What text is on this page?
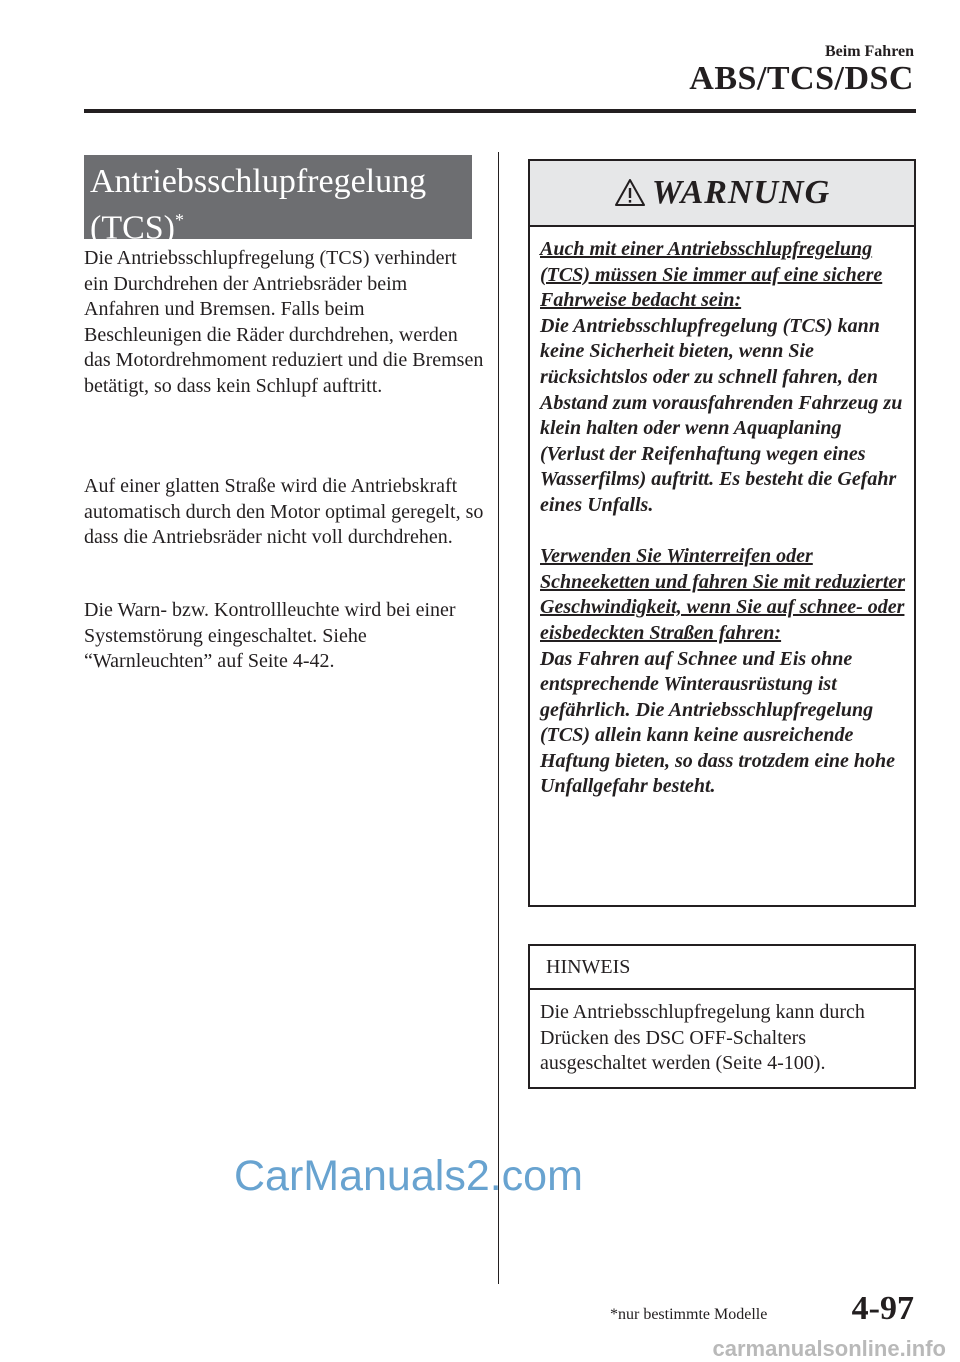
Beim Fahren
ABS/TCS/DSC
Antriebsschlupfregelung
(TCS)*

Die Antriebsschlupfregelung (TCS) verhindert ein Durchdrehen der Antriebsräder beim Anfahren und Bremsen. Falls beim Beschleunigen die Räder durchdrehen, werden das Motordrehmoment reduziert und die Bremsen betätigt, so dass kein Schlupf auftritt.

Auf einer glatten Straße wird die Antriebskraft automatisch durch den Motor optimal geregelt, so dass die Antriebsräder nicht voll durchdrehen.

Die Warn- bzw. Kontrollleuchte wird bei einer Systemstörung eingeschaltet. Siehe “Warnleuchten” auf Seite 4-42.

WARNUNG

Auch mit einer Antriebsschlupfregelung (TCS) müssen Sie immer auf eine sichere Fahrweise bedacht sein:

Die Antriebsschlupfregelung (TCS) kann keine Sicherheit bieten, wenn Sie rücksichtslos oder zu schnell fahren, den Abstand zum vorausfahrenden Fahrzeug zu klein halten oder wenn Aquaplaning (Verlust der Reifenhaftung wegen eines Wasserfilms) auftritt. Es besteht die Gefahr eines Unfalls.

Verwenden Sie Winterreifen oder Schneeketten und fahren Sie mit reduzierter Geschwindigkeit, wenn Sie auf schnee- oder eisbedeckten Straßen fahren:

Das Fahren auf Schnee und Eis ohne entsprechende Winterausrüstung ist gefährlich. Die Antriebsschlupfregelung (TCS) allein kann keine ausreichende Haftung bieten, so dass trotzdem eine hohe Unfallgefahr besteht.

HINWEIS

Die Antriebsschlupfregelung kann durch Drücken des DSC OFF-Schalters ausgeschaltet werden (Seite 4-100).

CarManuals2.com
*nur bestimmte Modelle 4-97
carmanualsonline.info
